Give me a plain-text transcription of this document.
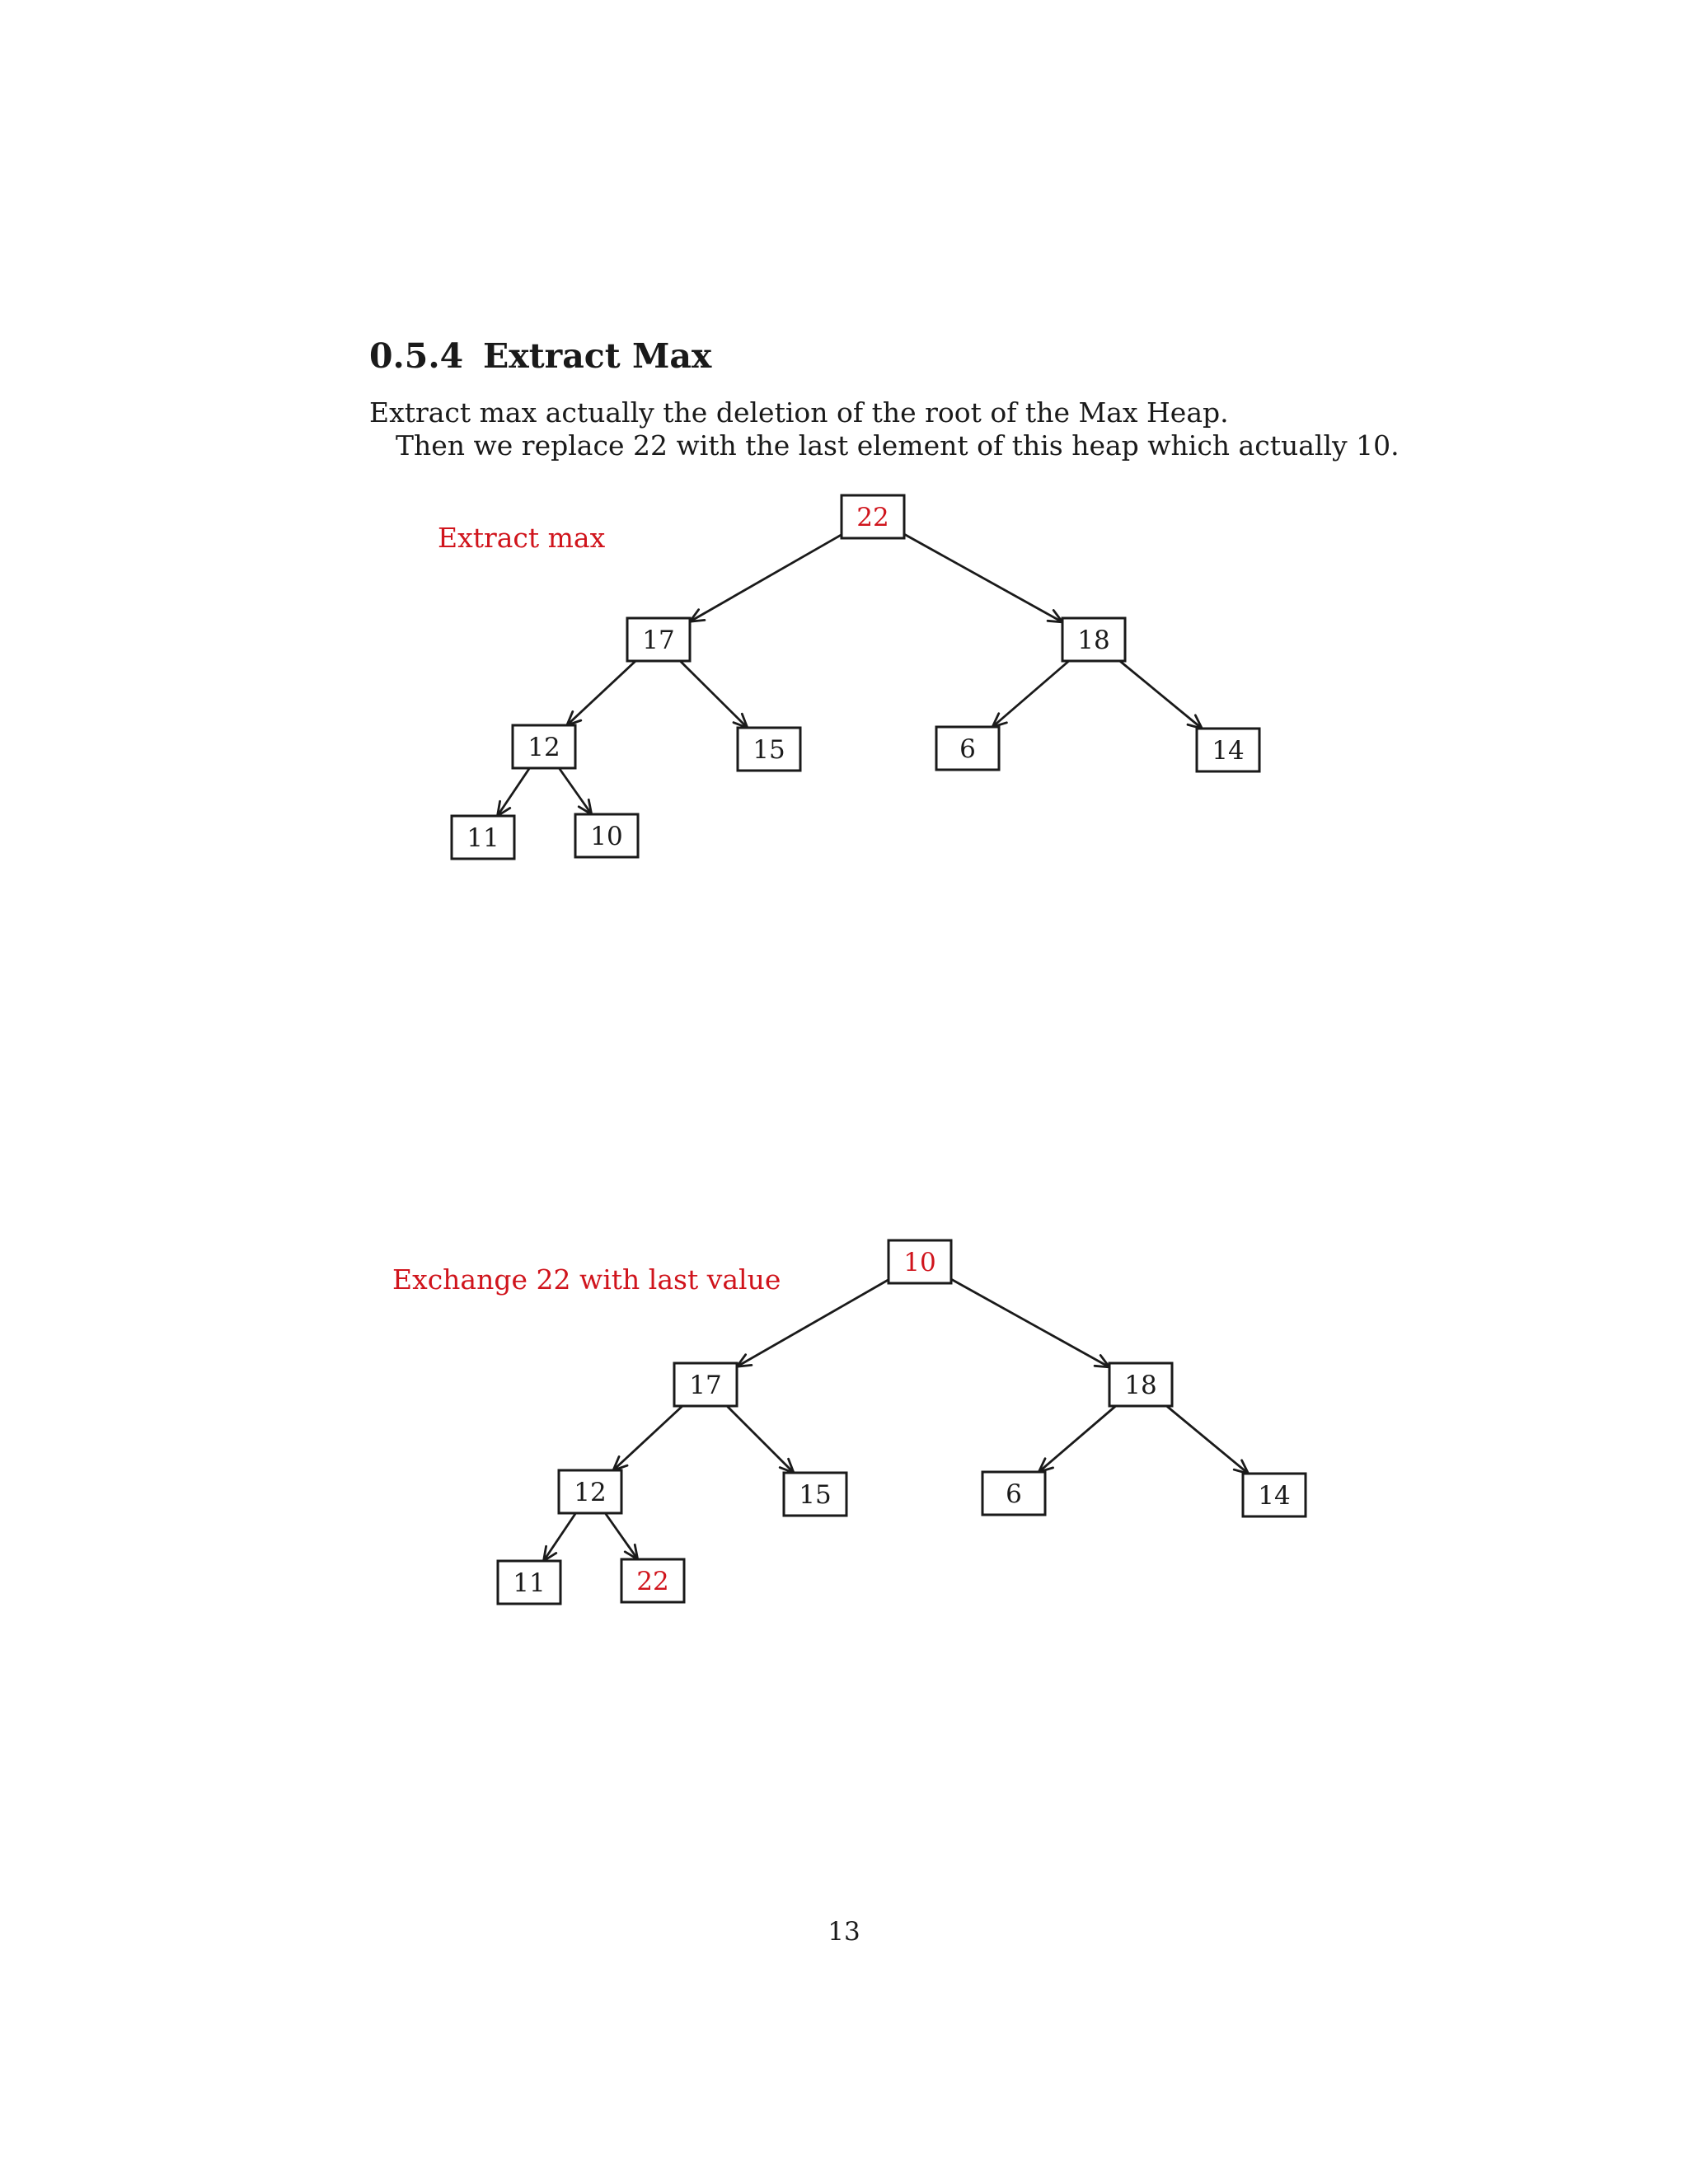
0.5.4 Extract Max
Extract max actually the deletion of the root of the Max Heap.
Then we replace 22 with the last element of this heap which actually 10.
Extract max
22
17	18
12	15	6	14
11	10
Exchange 22 with last value
10
17	18
12	15	6	14
11	22
13
